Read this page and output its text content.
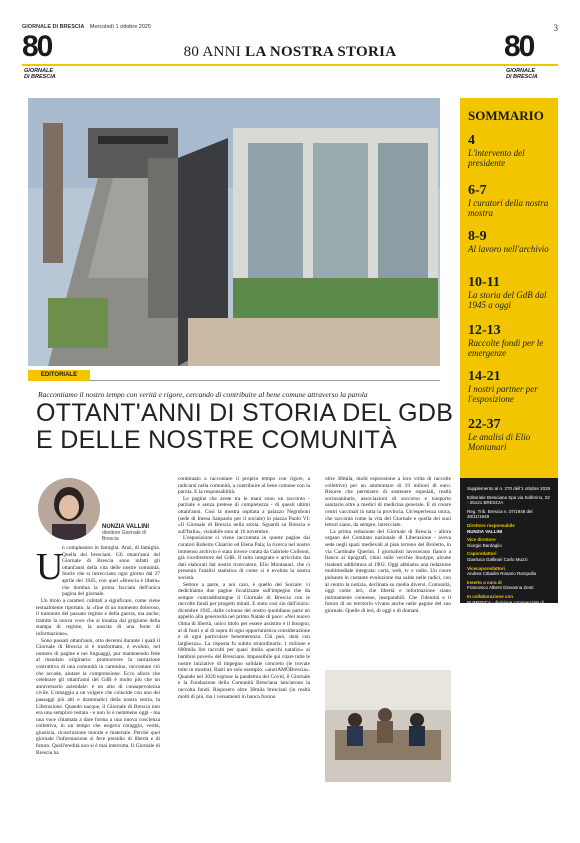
GIORNALE DI BRESCIA Mercoledì 1 ottobre 2025	3
80
GIORNALE
DI BRESCIA
80 ANNI LA NOSTRA STORIA	80
GIORNALE
DI BRESCIA
SOMMARIO
4
L'intervento del presidente
6-7
I curatori della nostra mostra
8-9
Al lavoro nell'archivio
10-11
La storia del GdB dal 1945 a oggi
12-13
Raccolte fondi per le emergenze
14-21
I nostri partner per l'esposizione
22-37
Le analisi di Elio Montanari

Supplemento al n. 270 dell'1 ottobre 2025

Editoriale Bresciana Spa via Solferino, 22 - 25121 BRESCIA

Reg. Trib. Brescia n. 07/1948 del 30/11/1948

Direttore responsabile
NUNZIA VALLINI

Vice direttore
Giorgio Bardaglio

Caporedattori
Gianluca Gallinari Carlo Muzzi

Vicecaporedattori
Andrea Cittadini Rosario Rampulla

Inserto a cura di
Francesco Alberti Giovanna Zenti

In collaborazione con
NUMERICA - divisione commerciale di Editoriale Bresciana S.p.A.

EDITORIALE
Raccontiamo il nostro tempo con verità e rigore, cercando di contribuire al bene comune attraverso la parola
OTTANT'ANNI DI STORIA DEL GDB
E DELLE NOSTRE COMUNITÀ
NUNZIA VALLINI
direttore Giornale di Brescia
U
n compleanno in famiglia. Anzi, di famiglia. Quella dei bresciani. Gli ottant'anni del Giornale di Brescia sono infatti gli ottant'anni della vita delle nostre comunità. Storie che si intrecciano ogni giorno dal 27 aprile del 1945, con quel «Brescia è libera» che domina la prima facciata dell'unica pagina del giornale.

Un titolo a caratteri cubitali a significare, come viene testualmente riportato, la «fine di un momento doloroso, il tramonto del passato regime e della guerra, ma anche, tramite la nuova voce che si innalza dal grigiume della stampa di regime, la nascita di una fonte di informazione».

Sono passati ottant'anni, otto decenni durante i quali il Giornale di Brescia si è trasformato, è evoluto, nel numero di pagine e nei linguaggi, pur mantenendo fede al mandato originario: promuovere la narrazione costruttiva di una comunità in cammino, raccontare ciò che accade, aiutare la comprensione. Ecco allora che celebrare gli ottant'anni del GdB è molto più che un anniversario aziendale: è un atto di consapevolezza civile. L'omaggio a un volgere che coincide con uno dei passaggi più alti e drammatici della nostra storia, la Liberazione. Quando nacque, il Giornale di Brescia non era una semplice testata - e non lo è nemmeno oggi - ma una voce chiamata a dare forma a una nuova coscienza collettiva, in un tempo che esigeva coraggio, verità, giustizia, ricostruzione morale e materiale. Perché quel giornale l'informazione si fece presidio di libertà e di futuro. Quell'eredità non si è mai interrotta. Il Giornale di Brescia ha

continuato a raccontare il proprio tempo con rigore, a radicarsi nella comunità, a contribuire al bene comune con la parola. E la responsabilità.

Le pagine che avete tra le mani sono un racconto - parziale e senza pretese di completezza - di questi ultimi ottant'anni. Così la mostra ospitata a palazzo Negroboni (sede di Intesa Sanpaolo per il sociale) in piazza Paolo VI: «Il Giornale di Brescia nella storia. Sguardi su Brescia e sull'Italia», visitabile sino al 16 novembre.

L'esposizione ci viene raccontata in queste pagine dai curatori Roberto Chiarini ed Elena Pala; la ricerca nel nostro immenso archivio è stata invece curata da Gabriele Colleoni, già vicedirettore del GdB. Il tutto integrato e arricchito dai dati elaborati dal nostro ricercatore, Elio Montanari, che ci presenta l'analisi statistica di come si è evoluta la nostra società.

Settore a parte, a noi caro, è quello del Sociale: vi dedichiamo due pagine focalizzate sull'impegno che da sempre contraddistingue il Giornale di Brescia con le raccolte fondi per progetti mirati. E stato così sin dall'inizio: dicembre 1945, dalle colonne del nostro quotidiano parte un appello alla generosità nel primo Natale di pace: «Nel nuovo clima di libertà, unico titolo per essere assistito è il bisogno, al di fuori e al di sopra di ogni opportunistica considerazione e di ogni particolare benemerenza. Chi può, doni con larghezza». La risposta fu subito straordinaria: 1 milione e 600mila lire raccolti per quasi 4mila «pacchi natalizi» ai bambini poveri» del Bresciano. Impossibile qui citare tutte le nostre iniziative di impegno solidale concreto (le trovate tutte in mostra). Basti un solo esempio: «aiutiAMOBrescia». Quando nel 2020 esplose la pandemia del Covid, il Giornale e la Fondazione della Comunità Bresciana lanciarono la raccolta fondi. Risposero oltre 38mila bresciani (in realtà molti di più, ma i versamenti in banca furono

oltre 38mila, molti espressione a loro volta di raccolte collettive) per un ammontare di 19 milioni di euro. Risorse che permisero di sostenere ospedali, realtà sociosanitarie, associazioni di soccorso e trasporto sanitario oltre a medici di medicina generale. E di creare centri vaccinali in tutta la provincia. Un'esperienza unica, che racconta come la vita del Giornale e quella dei suoi lettori siano, da sempre, intrecciate.

La prima redazione del Giornale di Brescia - allora organo del Comitato nazionale di Liberazione - aveva sede negli spazi medievali al pian terreno del Broletto, in via Cardinale Querini. I giornalisti lavoravano fianco a fianco ai tipografi, chini sulle vecchie linotype, alcune risalenti addirittura al 1902. Oggi abbiamo una redazione multimediale integrata: carta, web, tv e radio. Un cuore pulsante in costante evoluzione ma saldo nelle radici, con al centro la notizia, declinata su media diversi. Comunità, oggi come ieri, che libertà e informazione siano intimamente connesse, inseparabili. Che l'identità e il futuro di un territorio vivano anche nelle pagine del suo giornale. Quelle di ieri, di oggi e di domani.
